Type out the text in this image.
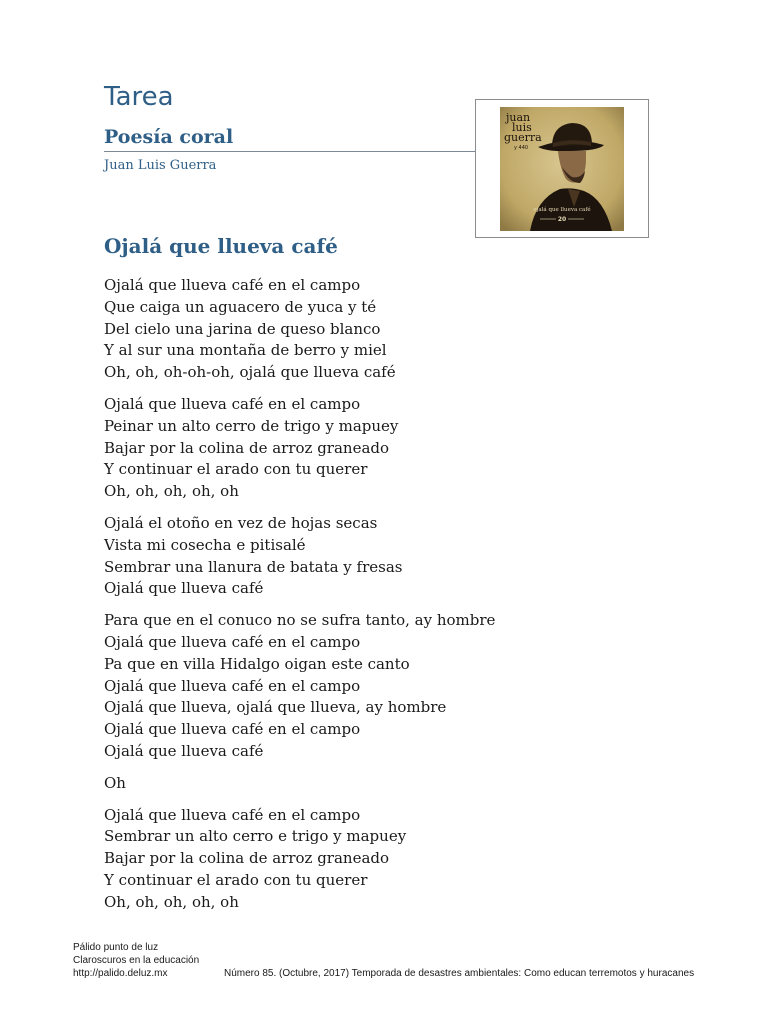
Tarea
Poesía coral
Juan Luis Guerra
juan
luis
guerra
y 440
ojalá que llueva café
20
Ojalá que llueva café
Ojalá que llueva café en el campo
Que caiga un aguacero de yuca y té
Del cielo una jarina de queso blanco
Y al sur una montaña de berro y miel
Oh, oh, oh-oh-oh, ojalá que llueva café
Ojalá que llueva café en el campo
Peinar un alto cerro de trigo y mapuey
Bajar por la colina de arroz graneado
Y continuar el arado con tu querer
Oh, oh, oh, oh, oh
Ojalá el otoño en vez de hojas secas
Vista mi cosecha e pitisalé
Sembrar una llanura de batata y fresas
Ojalá que llueva café
Para que en el conuco no se sufra tanto, ay hombre
Ojalá que llueva café en el campo
Pa que en villa Hidalgo oigan este canto
Ojalá que llueva café en el campo
Ojalá que llueva, ojalá que llueva, ay hombre
Ojalá que llueva café en el campo
Ojalá que llueva café
Oh
Ojalá que llueva café en el campo
Sembrar un alto cerro e trigo y mapuey
Bajar por la colina de arroz graneado
Y continuar el arado con tu querer
Oh, oh, oh, oh, oh
Pálido punto de luz
Claroscuros en la educación
http://palido.deluz.mx	Número 85. (Octubre, 2017) Temporada de desastres ambientales: Como educan terremotos y huracanes
